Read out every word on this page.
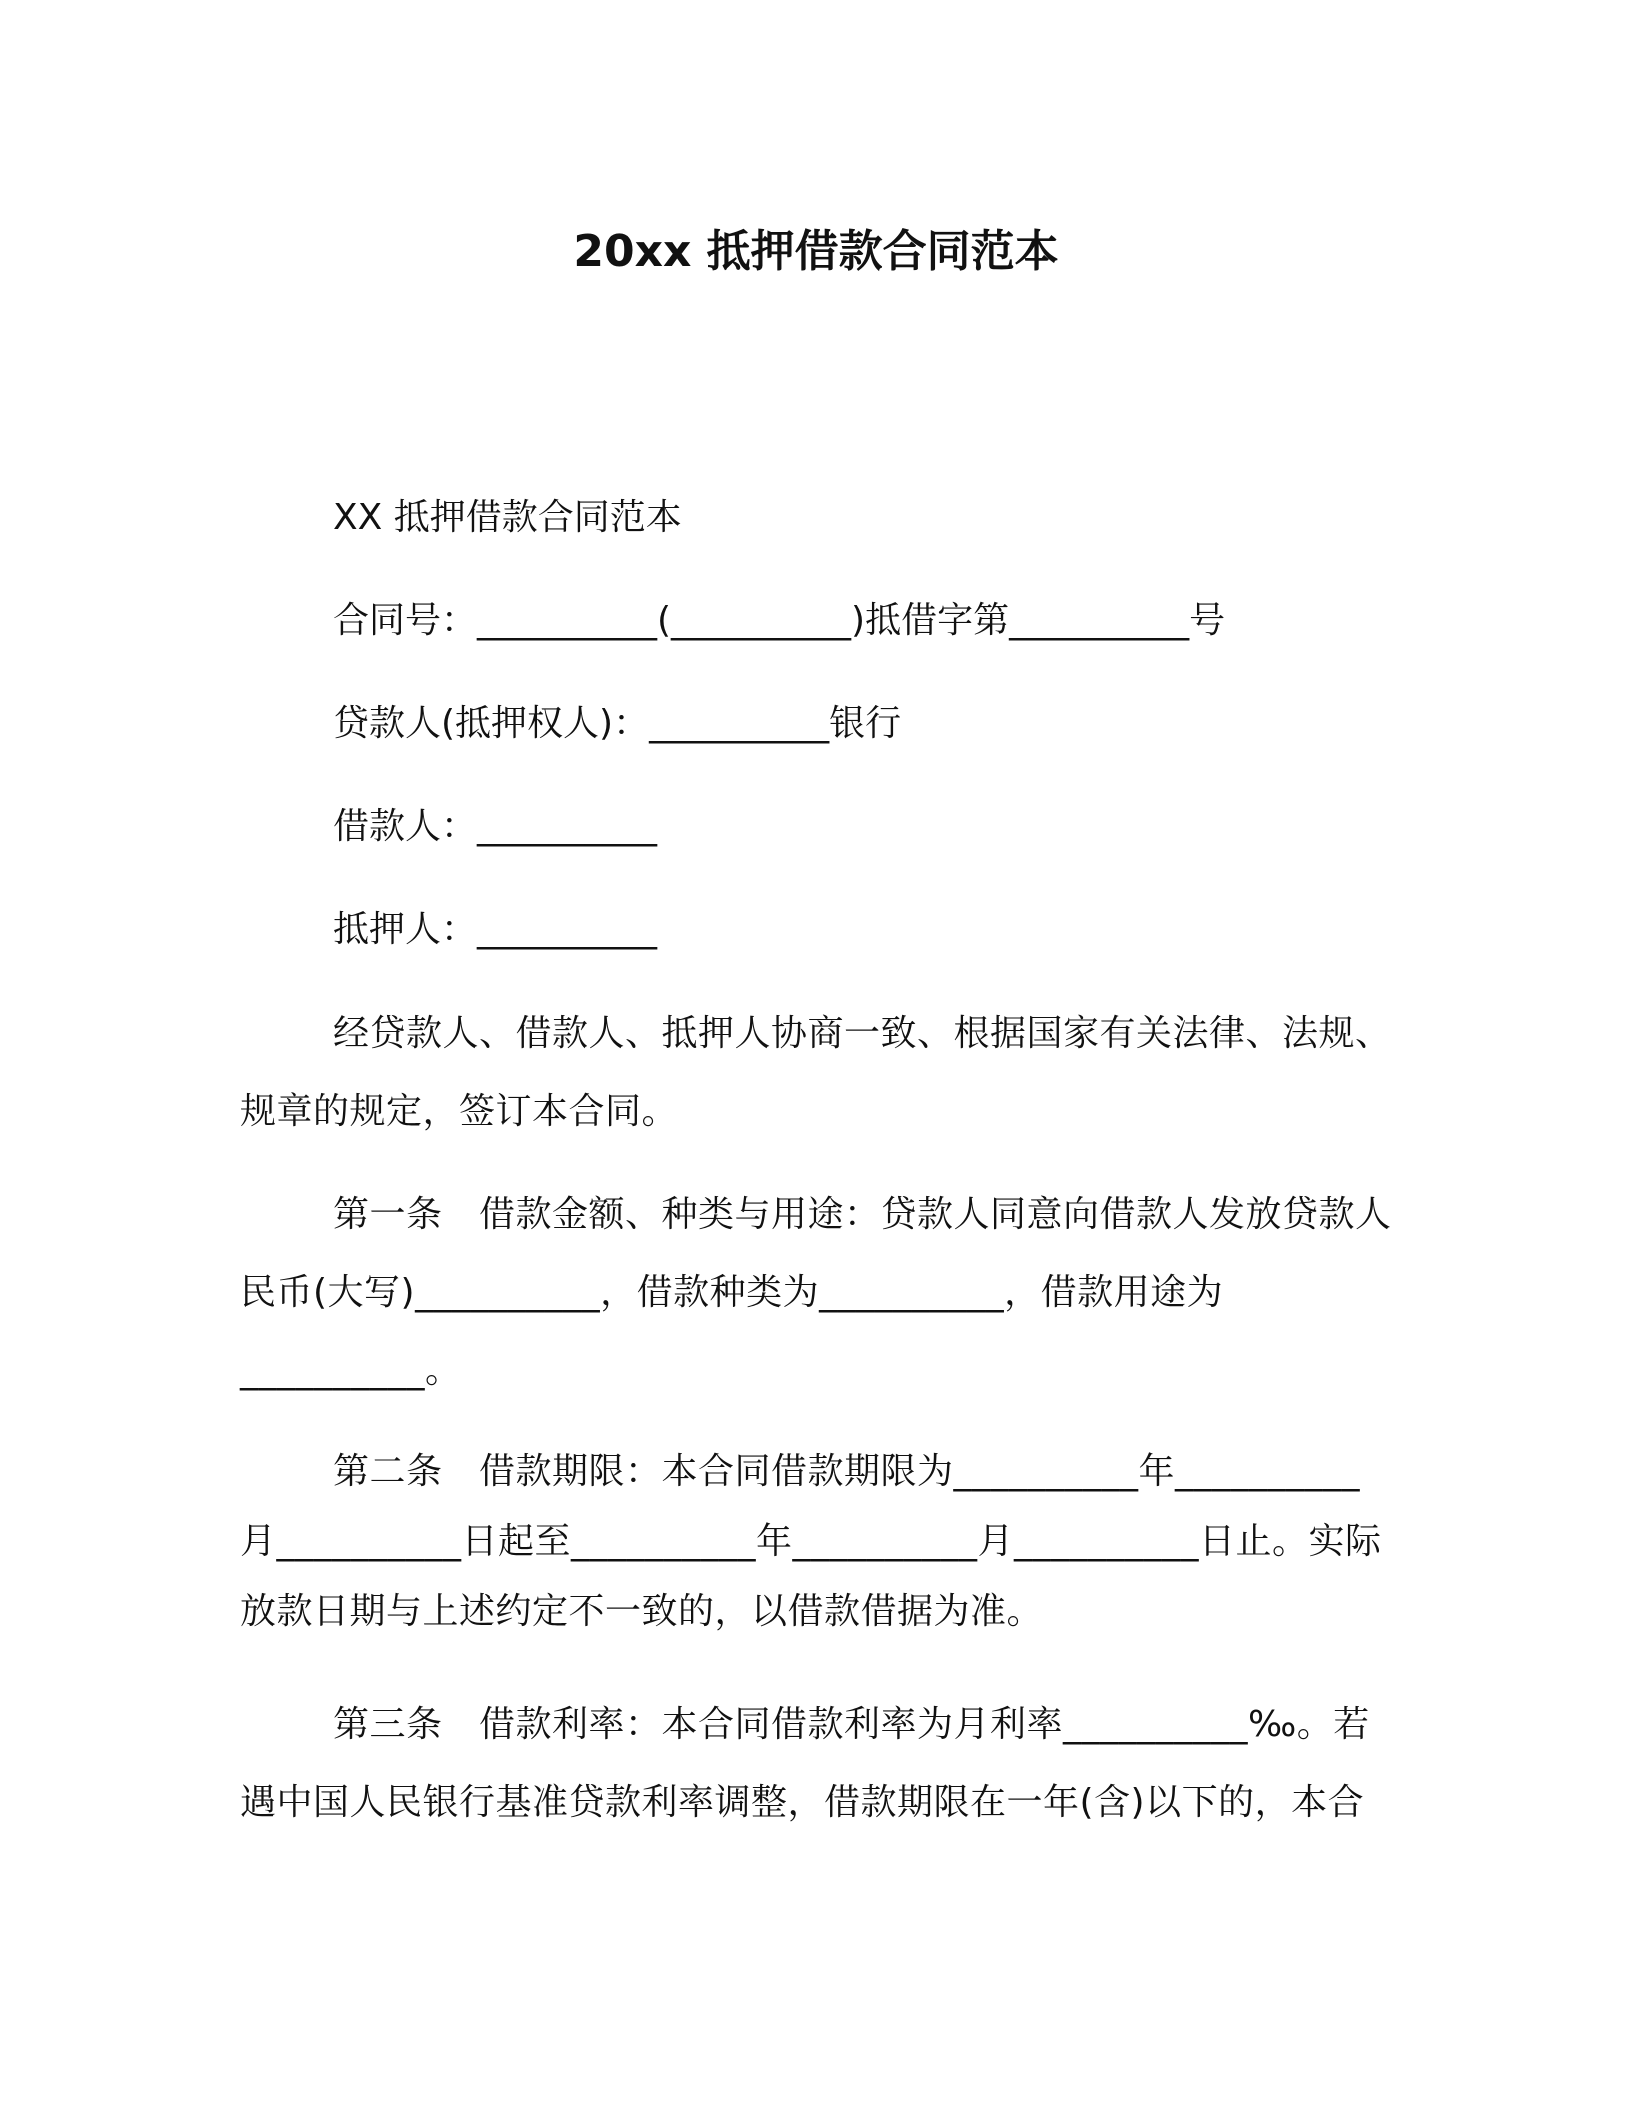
20xx 抵押借款合同范本
XX 抵押借款合同范本
合同号：__________(__________)抵借字第__________号
贷款人(抵押权人)：__________银行
借款人：__________
抵押人：__________
经贷款人、借款人、抵押人协商一致、根据国家有关法律、法规、规章的规定，签订本合同。
第一条　借款金额、种类与用途：贷款人同意向借款人发放贷款人民币(大写)__________，借款种类为__________，借款用途为__________。
第二条　借款期限：本合同借款期限为__________年__________月__________日起至__________年__________月__________日止。实际放款日期与上述约定不一致的，以借款借据为准。
第三条　借款利率：本合同借款利率为月利率__________‰。若遇中国人民银行基准贷款利率调整，借款期限在一年(含)以下的，本合
